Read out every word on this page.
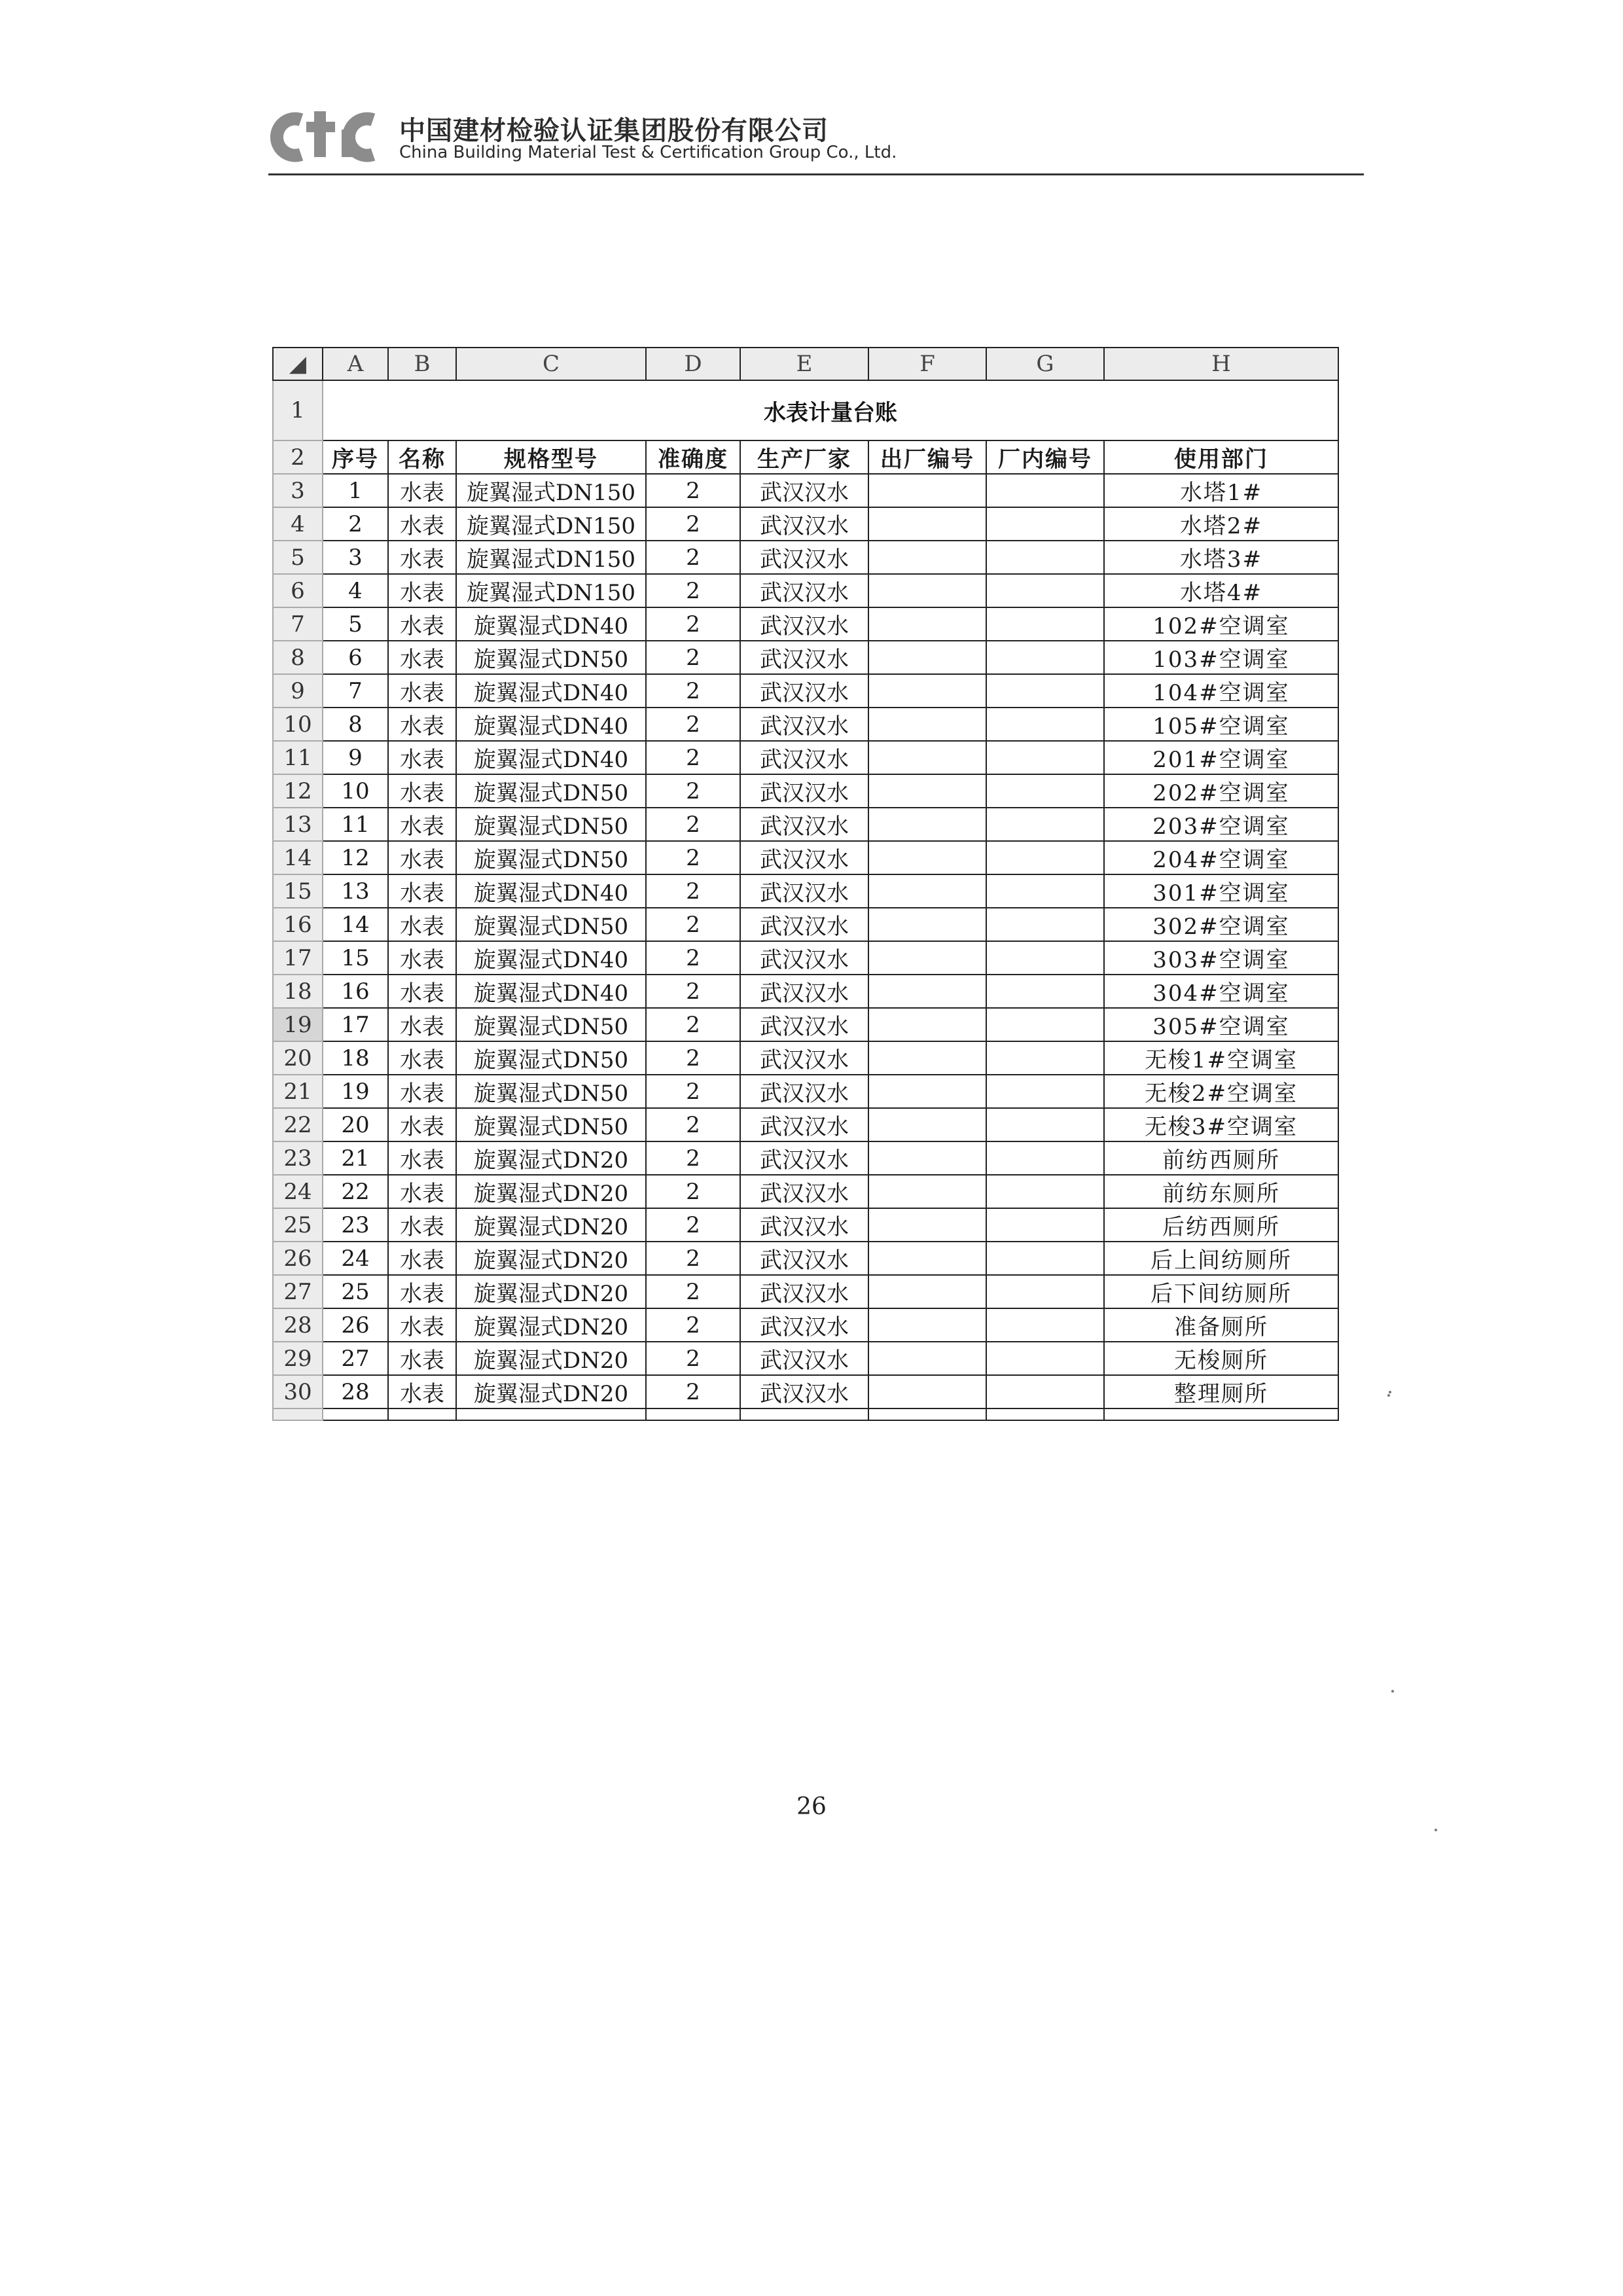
中国建材检验认证集团股份有限公司
China Building Material Test & Certification Group Co., Ltd.
◢	A	B	C	D	E	F	G	H
1	水表计量台账							
2	序号	名称	规格型号	准确度	生产厂家	出厂编号	厂内编号	使用部门
3	1	水表	旋翼湿式DN150	2	武汉汉水			水塔1#
4	2	水表	旋翼湿式DN150	2	武汉汉水			水塔2#
5	3	水表	旋翼湿式DN150	2	武汉汉水			水塔3#
6	4	水表	旋翼湿式DN150	2	武汉汉水			水塔4#
7	5	水表	旋翼湿式DN40	2	武汉汉水			102#空调室
8	6	水表	旋翼湿式DN50	2	武汉汉水			103#空调室
9	7	水表	旋翼湿式DN40	2	武汉汉水			104#空调室
10	8	水表	旋翼湿式DN40	2	武汉汉水			105#空调室
11	9	水表	旋翼湿式DN40	2	武汉汉水			201#空调室
12	10	水表	旋翼湿式DN50	2	武汉汉水			202#空调室
13	11	水表	旋翼湿式DN50	2	武汉汉水			203#空调室
14	12	水表	旋翼湿式DN50	2	武汉汉水			204#空调室
15	13	水表	旋翼湿式DN40	2	武汉汉水			301#空调室
16	14	水表	旋翼湿式DN50	2	武汉汉水			302#空调室
17	15	水表	旋翼湿式DN40	2	武汉汉水			303#空调室
18	16	水表	旋翼湿式DN40	2	武汉汉水			304#空调室
19	17	水表	旋翼湿式DN50	2	武汉汉水			305#空调室
20	18	水表	旋翼湿式DN50	2	武汉汉水			无梭1#空调室
21	19	水表	旋翼湿式DN50	2	武汉汉水			无梭2#空调室
22	20	水表	旋翼湿式DN50	2	武汉汉水			无梭3#空调室
23	21	水表	旋翼湿式DN20	2	武汉汉水			前纺西厕所
24	22	水表	旋翼湿式DN20	2	武汉汉水			前纺东厕所
25	23	水表	旋翼湿式DN20	2	武汉汉水			后纺西厕所
26	24	水表	旋翼湿式DN20	2	武汉汉水			后上间纺厕所
27	25	水表	旋翼湿式DN20	2	武汉汉水			后下间纺厕所
28	26	水表	旋翼湿式DN20	2	武汉汉水			准备厕所
29	27	水表	旋翼湿式DN20	2	武汉汉水			无梭厕所
30	28	水表	旋翼湿式DN20	2	武汉汉水			整理厕所

26
